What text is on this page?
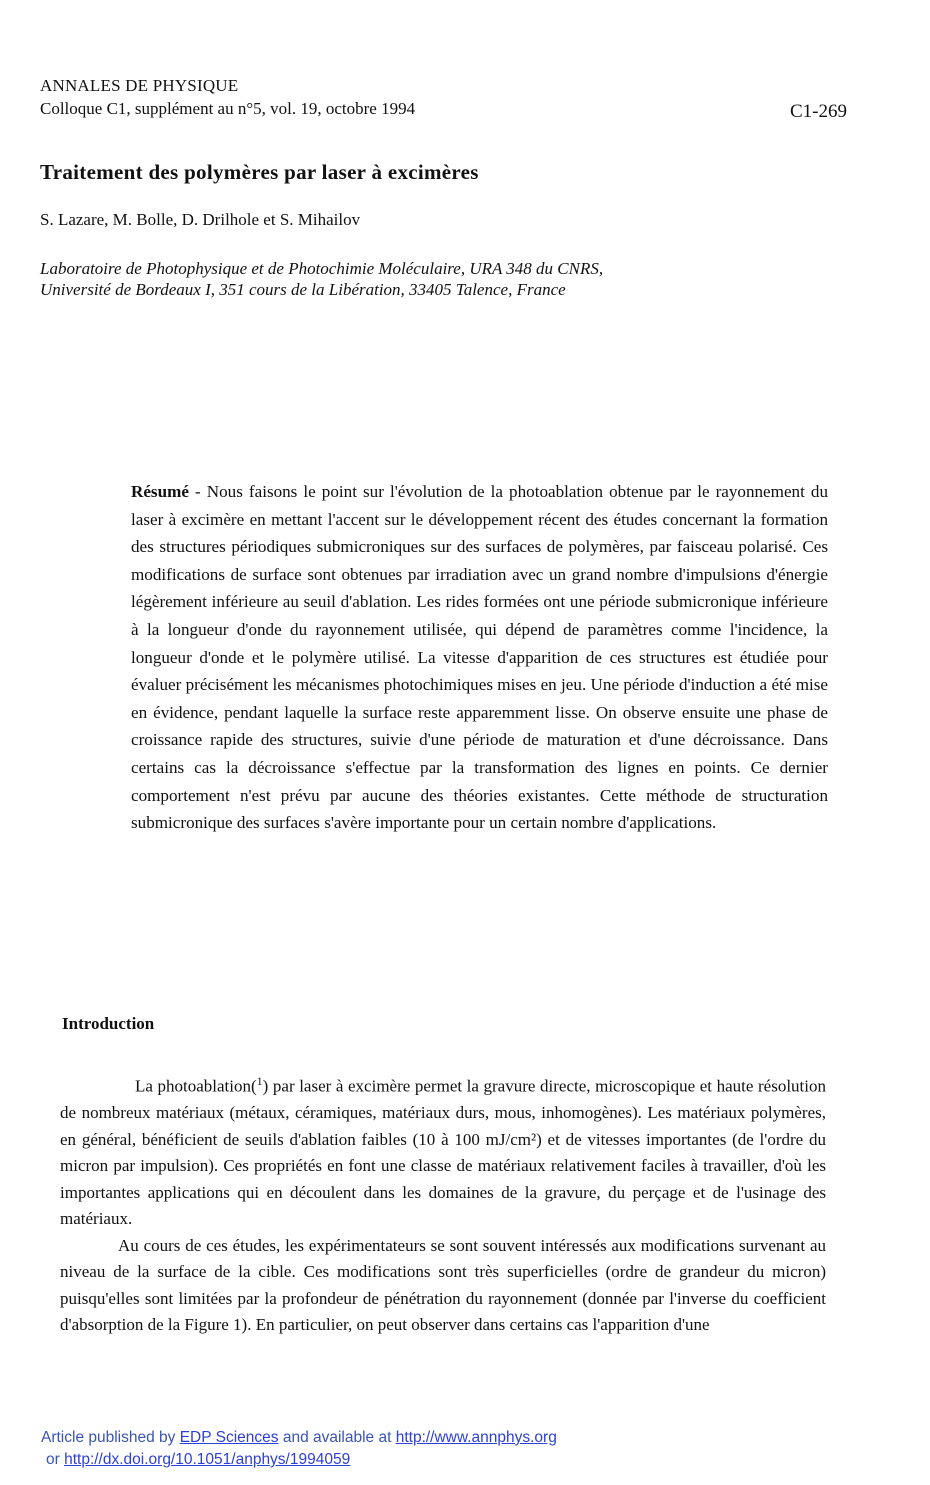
ANNALES DE PHYSIQUE
Colloque C1, supplément au n°5, vol. 19, octobre 1994	C1-269
Traitement des polymères par laser à excimères
S. Lazare, M. Bolle, D. Drilhole et S. Mihailov
Laboratoire de Photophysique et de Photochimie Moléculaire, URA 348 du CNRS,
Université de Bordeaux I, 351 cours de la Libération, 33405 Talence, France
Résumé - Nous faisons le point sur l'évolution de la photoablation obtenue par le rayonnement du laser à excimère en mettant l'accent sur le développement récent des études concernant la formation des structures périodiques submicroniques sur des surfaces de polymères, par faisceau polarisé. Ces modifications de surface sont obtenues par irradiation avec un grand nombre d'impulsions d'énergie légèrement inférieure au seuil d'ablation. Les rides formées ont une période submicronique inférieure à la longueur d'onde du rayonnement utilisée, qui dépend de paramètres comme l'incidence, la longueur d'onde et le polymère utilisé. La vitesse d'apparition de ces structures est étudiée pour évaluer précisément les mécanismes photochimiques mises en jeu. Une période d'induction a été mise en évidence, pendant laquelle la surface reste apparemment lisse. On observe ensuite une phase de croissance rapide des structures, suivie d'une période de maturation et d'une décroissance. Dans certains cas la décroissance s'effectue par la transformation des lignes en points. Ce dernier comportement n'est prévu par aucune des théories existantes. Cette méthode de structuration submicronique des surfaces s'avère importante pour un certain nombre d'applications.
Introduction

La photoablation($^1$) par laser à excimère permet la gravure directe, microscopique et haute résolution de nombreux matériaux (métaux, céramiques, matériaux durs, mous, inhomogènes). Les matériaux polymères, en général, bénéficient de seuils d'ablation faibles (10 à 100 mJ/cm²) et de vitesses importantes (de l'ordre du micron par impulsion). Ces propriétés en font une classe de matériaux relativement faciles à travailler, d'où les importantes applications qui en découlent dans les domaines de la gravure, du perçage et de l'usinage des matériaux.

Au cours de ces études, les expérimentateurs se sont souvent intéressés aux modifications survenant au niveau de la surface de la cible. Ces modifications sont très superficielles (ordre de grandeur du micron) puisqu'elles sont limitées par la profondeur de pénétration du rayonnement (donnée par l'inverse du coefficient d'absorption de la Figure 1). En particulier, on peut observer dans certains cas l'apparition d'une

Article published by EDP Sciences and available at http://www.annphys.org
or http://dx.doi.org/10.1051/anphys/1994059
